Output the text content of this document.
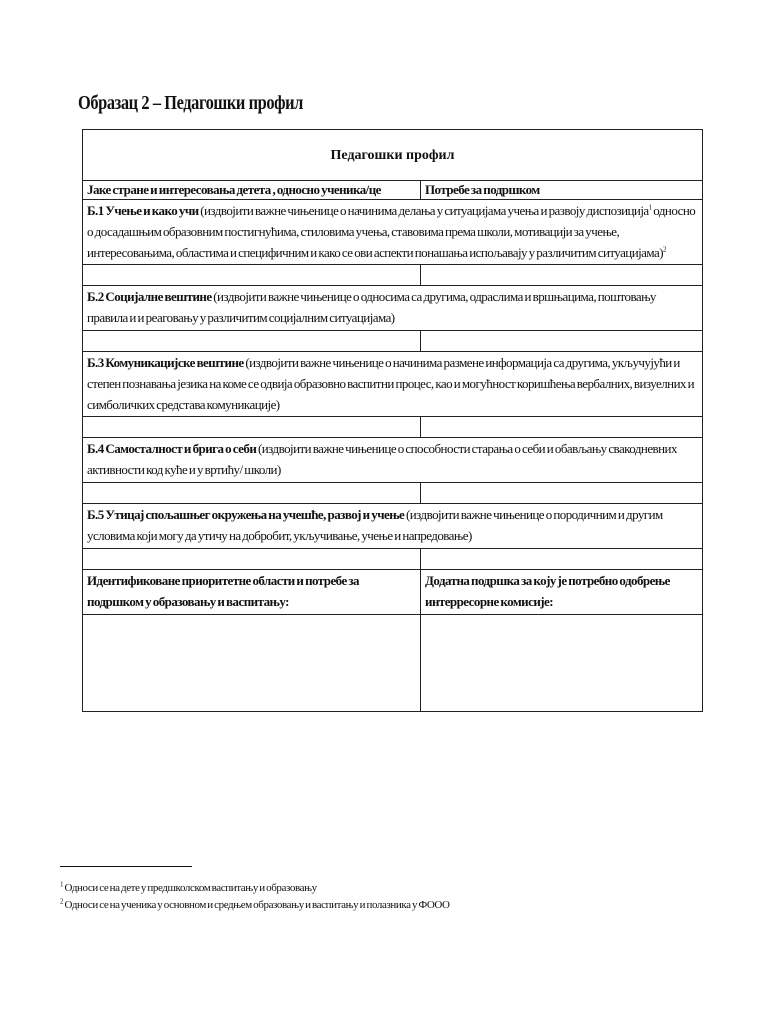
Образац 2 – Педагошки профил
Педагошки профил	
Јаке стране и интересовања детета , односно ученика/це	Потребе за подршком
Б.1 Учење и како учи (издвојити важне чињенице о начинима делања у ситуацијама учења и развоју диспозиција$^1$ односно о досадашњим образовним постигнућима, стиловима учења, ставовима према школи, мотивацији за учење, интересовањима, областима и специфичним и како се ови аспекти понашања испољавају у различитим ситуацијама)$^2$

Б.2 Социјалне вештине (издвојити важне чињенице о односима са другима, одраслима и вршњацима, поштовању правила и и реаговању у различитим социјалним ситуацијама)	

Б.3 Комуникацијске вештине (издвојити важне чињенице о начинима размене информација са другима, укључујући и степен познавања језика на коме се одвија образовно васпитни процес, као и могућност коришћења вербалних, визуелних и симболичких средстава комуникације)	

Б.4 Самосталност и брига о себи (издвојити важне чињенице о способности старања о себи и обављању свакодневних активности код куће и у вртићу/ школи)	

Б.5 Утицај спољашњег окружења на учешће, развој и учење (издвојити важне чињенице о породичним и другим условима који могу да утичу на добробит, укључивање, учење и напредовање)	

Идентификоване приоритетне области и потребе за подршком у образовању и васпитању:	Додатна подршка за коју је потребно одобрење интерресорне комисије:

$^1$ Односи се на дете у предшколском васпитању и образовању
$^2$ Односи се на ученика у основном и средњем образовању и васпитању и полазника у ФООО
